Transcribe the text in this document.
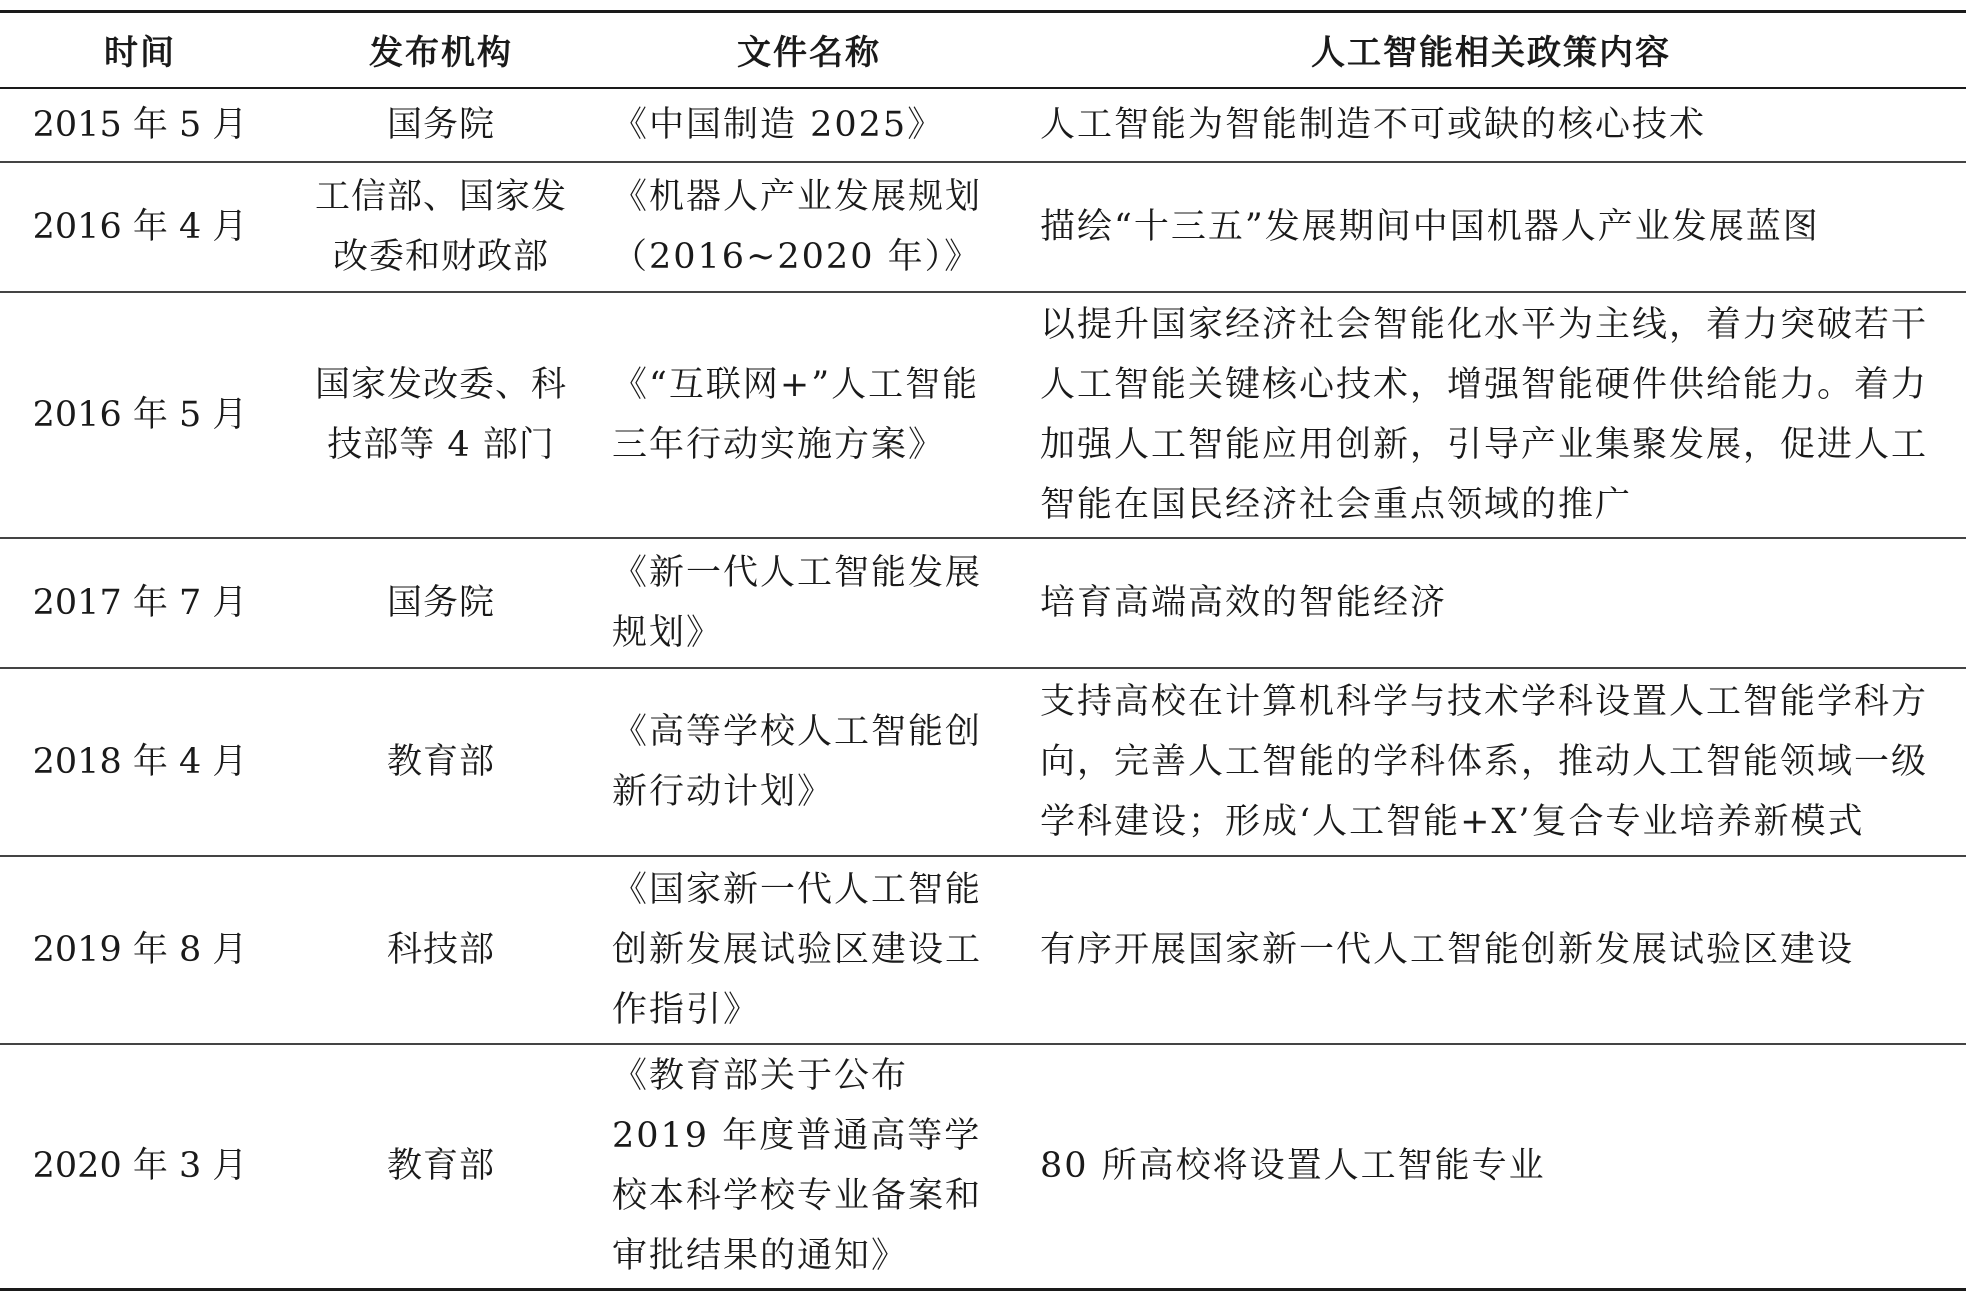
时间	发布机构	文件名称	人工智能相关政策内容
2015 年 5 月	国务院	《中国制造 2025》	人工智能为智能制造不可或缺的核心技术
2016 年 4 月	工信部、国家发改委和财政部	《机器人产业发展规划（2016~2020 年）》	描绘“十三五”发展期间中国机器人产业发展蓝图
2016 年 5 月	国家发改委、科技部等 4 部门	《“互联网+”人工智能三年行动实施方案》	以提升国家经济社会智能化水平为主线，着力突破若干人工智能关键核心技术，增强智能硬件供给能力。着力加强人工智能应用创新，引导产业集聚发展，促进人工智能在国民经济社会重点领域的推广
2017 年 7 月	国务院	《新一代人工智能发展规划》	培育高端高效的智能经济
2018 年 4 月	教育部	《高等学校人工智能创新行动计划》	支持高校在计算机科学与技术学科设置人工智能学科方向，完善人工智能的学科体系，推动人工智能领域一级学科建设；形成‘人工智能+X’复合专业培养新模式
2019 年 8 月	科技部	《国家新一代人工智能创新发展试验区建设工作指引》	有序开展国家新一代人工智能创新发展试验区建设
2020 年 3 月	教育部	《教育部关于公布 2019 年度普通高等学校本科学校专业备案和审批结果的通知》	80 所高校将设置人工智能专业
